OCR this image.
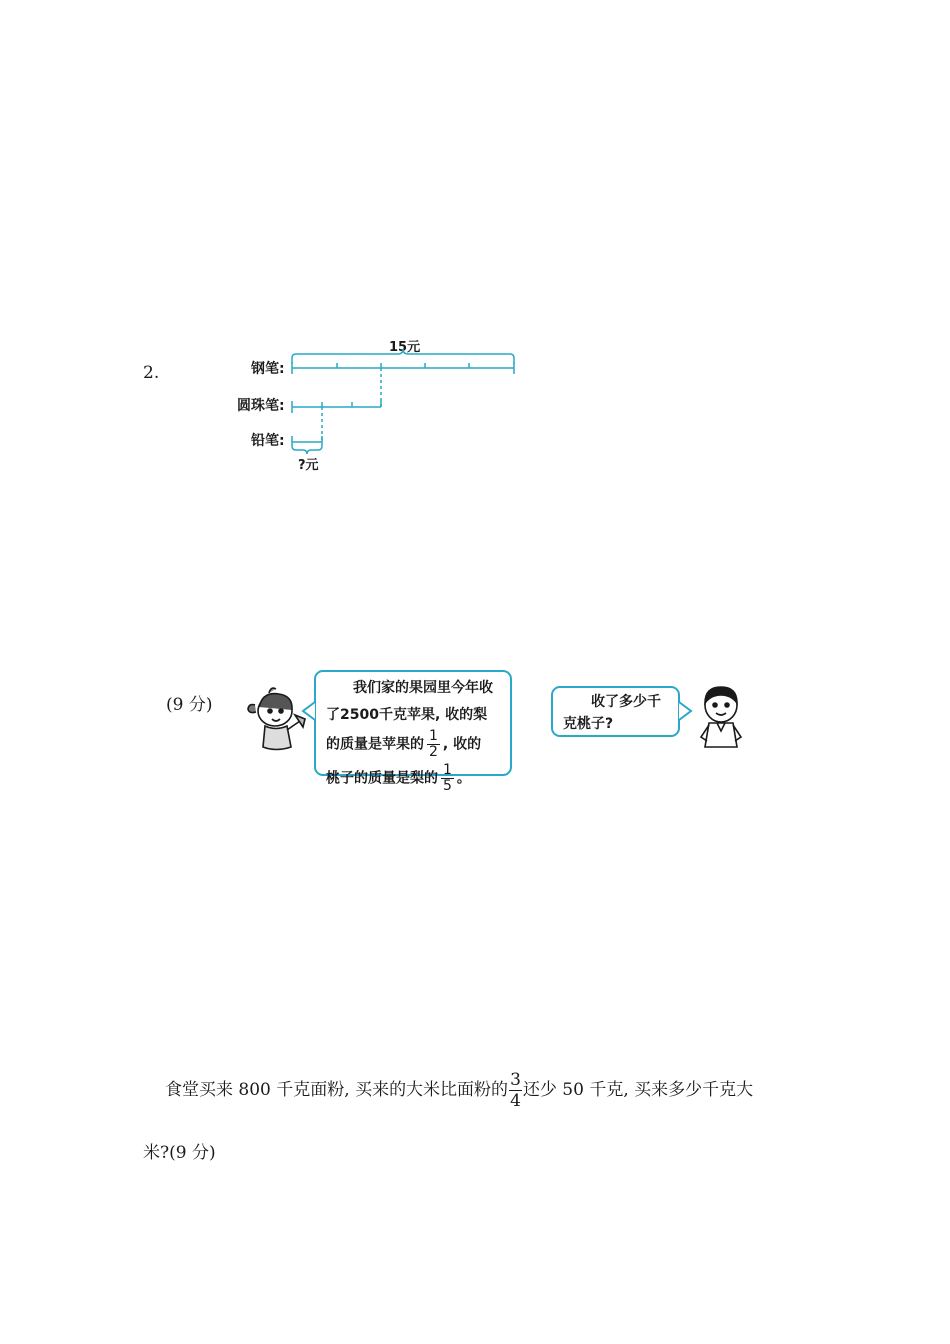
2.
15元
钢笔:
圆珠笔:
铅笔:
?元
(9 分)
我们家的果园里今年收
了2500千克苹果, 收的梨
的质量是苹果的 $\frac{1}{2}$ , 收的
桃子的质量是梨的 $\frac{1}{5}$ 。
收了多少千
克桃子?
食堂买来 800 千克面粉, 买来的大米比面粉的 $\frac{3}{4}$ 还少 50 千克, 买来多少千克大
米?(9 分)
